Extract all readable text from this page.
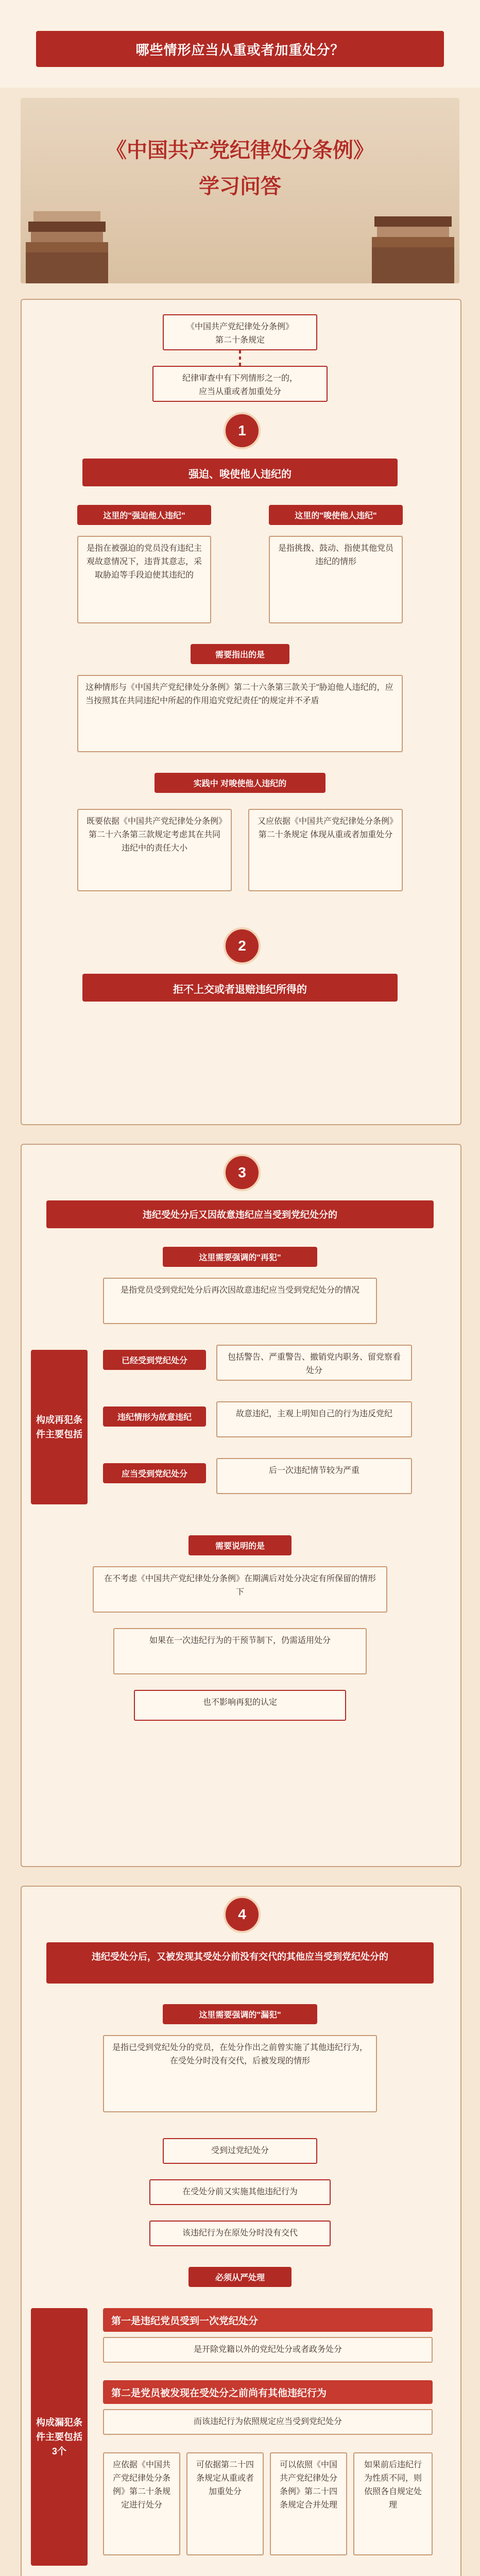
哪些情形应当从重或者加重处分？
《中国共产党纪律处分条例》
学习问答
《中国共产党纪律处分条例》
第二十条规定
纪律审查中有下列情形之一的，
应当从重或者加重处分
1
强迫、唆使他人违纪的
这里的"强迫他人违纪"	这里的"唆使他人违纪"
是指在被强迫的党员没有违纪主观故意情况下，违背其意志，采取胁迫等手段迫使其违纪的
是指挑拨、鼓动、指使其他党员违纪的情形
需要指出的是
这种情形与《中国共产党纪律处分条例》第二十六条第三款关于"胁迫他人违纪的，应当按照其在共同违纪中所起的作用追究党纪责任"的规定并不矛盾
实践中 对唆使他人违纪的
既要依据《中国共产党纪律处分条例》第二十六条第三款规定考虑其在共同违纪中的责任大小
又应依据《中国共产党纪律处分条例》第二十条规定 体现从重或者加重处分
2
拒不上交或者退赔违纪所得的
3
违纪受处分后又因故意违纪应当受到党纪处分的
这里需要强调的"再犯"
是指党员受到党纪处分后再次因故意违纪应当受到党纪处分的情况
构成再犯条件主要包括
已经受到党纪处分	包括警告、严重警告、撤销党内职务、留党察看处分
违纪情形为故意违纪	故意违纪，主观上明知自己的行为违反党纪
应当受到党纪处分	后一次违纪情节较为严重
需要说明的是
在不考虑《中国共产党纪律处分条例》在期满后对处分决定有所保留的情形下
如果在一次违纪行为的干预节制下，仍需适用处分
也不影响再犯的认定
4
违纪受处分后，又被发现其受处分前没有交代的其他应当受到党纪处分的
这里需要强调的"漏犯"
是指已受到党纪处分的党员，在处分作出之前曾实施了其他违纪行为，在受处分时没有交代，后被发现的情形
受到过党纪处分
在受处分前又实施其他违纪行为
该违纪行为在原处分时没有交代
必须从严处理
构成漏犯条件主要包括3个
第一是违纪党员受到一次党纪处分
是开除党籍以外的党纪处分或者政务处分
第二是党员被发现在受处分之前尚有其他违纪行为
而该违纪行为依照规定应当受到党纪处分
应依据《中国共产党纪律处分条例》第二十条规定进行处分
可依据第二十四条规定从重或者加重处分
可以依照《中国共产党纪律处分条例》第二十四条规定合并处理
如果前后违纪行为性质不同，则依照各自规定处理
